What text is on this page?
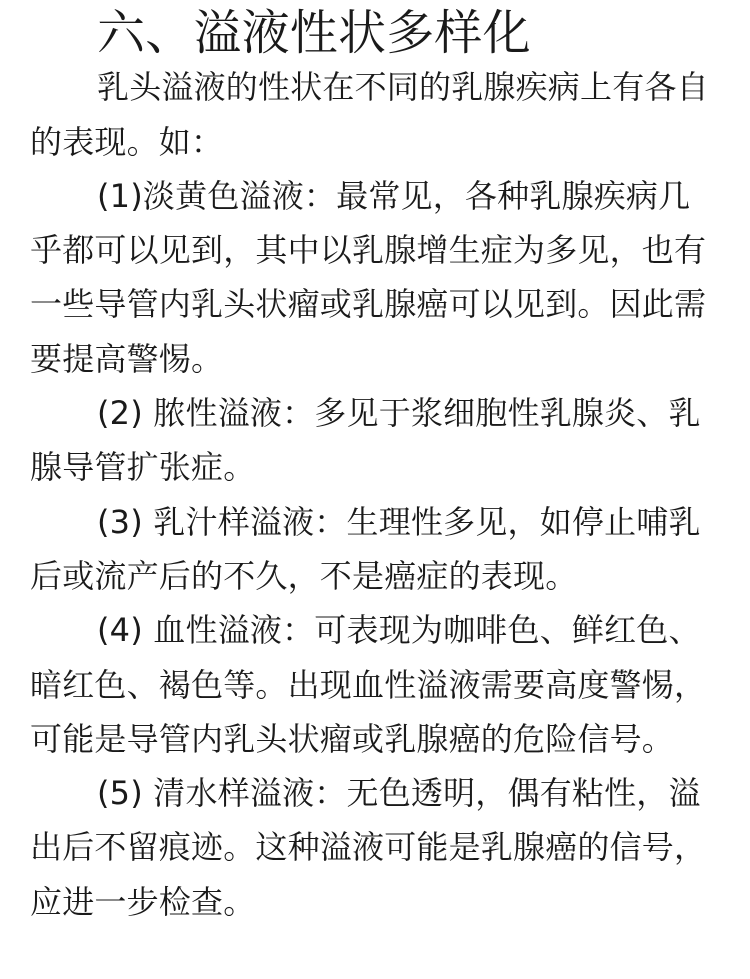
六、溢液性状多样化

乳头溢液的性状在不同的乳腺疾病上有各自的表现。如：

(1)淡黄色溢液：最常见，各种乳腺疾病几乎都可以见到，其中以乳腺增生症为多见，也有一些导管内乳头状瘤或乳腺癌可以见到。因此需要提高警惕。

(2) 脓性溢液：多见于浆细胞性乳腺炎、乳腺导管扩张症。

(3) 乳汁样溢液：生理性多见，如停止哺乳后或流产后的不久，不是癌症的表现。

(4) 血性溢液：可表现为咖啡色、鲜红色、暗红色、褐色等。出现血性溢液需要高度警惕，可能是导管内乳头状瘤或乳腺癌的危险信号。

(5) 清水样溢液：无色透明，偶有粘性，溢出后不留痕迹。这种溢液可能是乳腺癌的信号，应进一步检查。
